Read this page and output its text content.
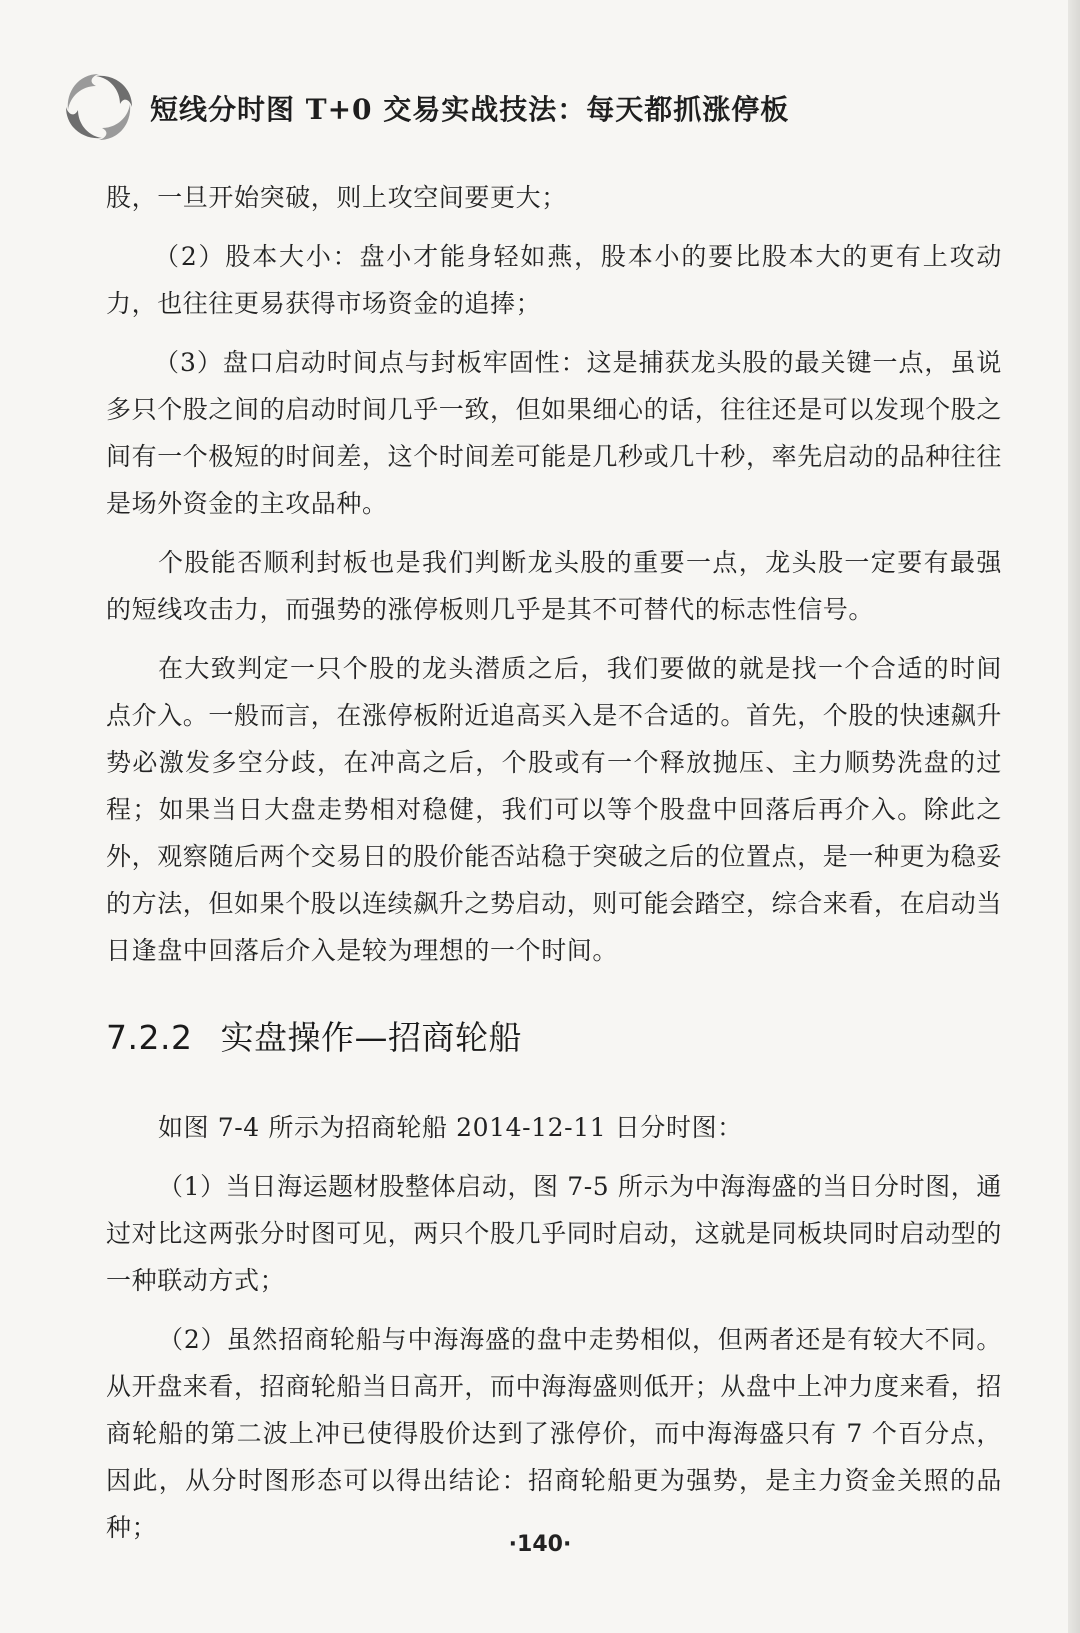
短线分时图 T+0 交易实战技法：每天都抓涨停板

股，一旦开始突破，则上攻空间要更大；

（2）股本大小：盘小才能身轻如燕，股本小的要比股本大的更有上攻动力，也往往更易获得市场资金的追捧；

（3）盘口启动时间点与封板牢固性：这是捕获龙头股的最关键一点，虽说多只个股之间的启动时间几乎一致，但如果细心的话，往往还是可以发现个股之间有一个极短的时间差，这个时间差可能是几秒或几十秒，率先启动的品种往往是场外资金的主攻品种。

个股能否顺利封板也是我们判断龙头股的重要一点，龙头股一定要有最强的短线攻击力，而强势的涨停板则几乎是其不可替代的标志性信号。

在大致判定一只个股的龙头潜质之后，我们要做的就是找一个合适的时间点介入。一般而言，在涨停板附近追高买入是不合适的。首先，个股的快速飙升势必激发多空分歧，在冲高之后，个股或有一个释放抛压、主力顺势洗盘的过程；如果当日大盘走势相对稳健，我们可以等个股盘中回落后再介入。除此之外，观察随后两个交易日的股价能否站稳于突破之后的位置点，是一种更为稳妥的方法，但如果个股以连续飙升之势启动，则可能会踏空，综合来看，在启动当日逢盘中回落后介入是较为理想的一个时间。

7.2.2 实盘操作—招商轮船

如图 7-4 所示为招商轮船 2014-12-11 日分时图：

（1）当日海运题材股整体启动，图 7-5 所示为中海海盛的当日分时图，通过对比这两张分时图可见，两只个股几乎同时启动，这就是同板块同时启动型的一种联动方式；

（2）虽然招商轮船与中海海盛的盘中走势相似，但两者还是有较大不同。从开盘来看，招商轮船当日高开，而中海海盛则低开；从盘中上冲力度来看，招商轮船的第二波上冲已使得股价达到了涨停价，而中海海盛只有 7 个百分点，因此，从分时图形态可以得出结论：招商轮船更为强势，是主力资金关照的品种；

·140·
